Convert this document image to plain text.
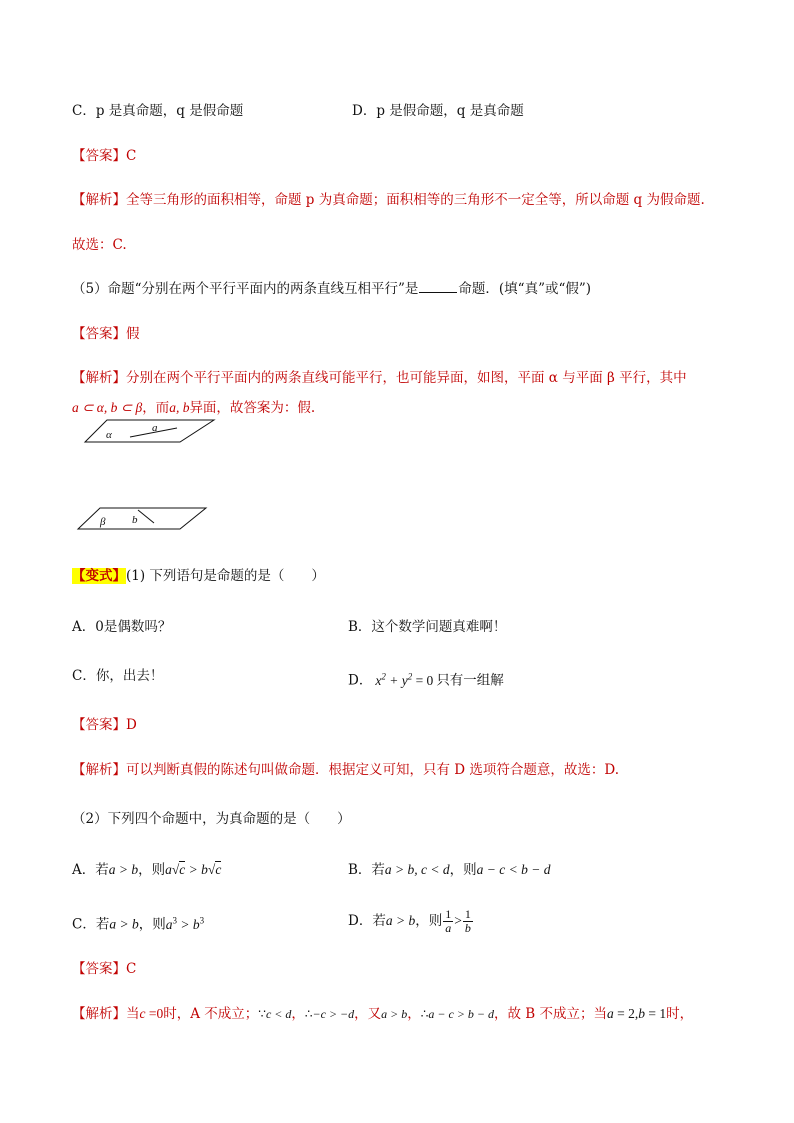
C．p 是真命题，q 是假命题	D．p 是假命题，q 是真命题
【答案】C
【解析】全等三角形的面积相等，命题 p 为真命题；面积相等的三角形不一定全等，所以命题 q 为假命题.
故选：C.
（5）命题“分别在两个平行平面内的两条直线互相平行”是	命题．(填“真”或“假”)
【答案】假
【解析】分别在两个平行平面内的两条直线可能平行，也可能异面，如图，平面 α 与平面 β 平行，其中
a ⊂ α, b ⊂ β，而a, b异面，故答案为：假.
α
a
β b
【变式】(1) 下列语句是命题的是（　　）
A．0是偶数吗？	B．这个数学问题真难啊！
C．你，出去！	D． $x^2 + y^2 = 0$ 只有一组解
【答案】D
【解析】可以判断真假的陈述句叫做命题．根据定义可知，只有 D 选项符合题意，故选：D.
（2）下列四个命题中，为真命题的是（　　）
A．若a > b，则a√c > b√c	B．若a > b, c < d，则a − c < b − d
C．若a > b，则$a^3 > b^3$	D．若a > b，则 $\frac{1}{a} > \frac{1}{b}$
【答案】C
【解析】当c =0时，A 不成立；∵c < d，∴−c > −d，又a > b，∴a − c > b − d，故 B 不成立；当a = 2,b = 1时，
